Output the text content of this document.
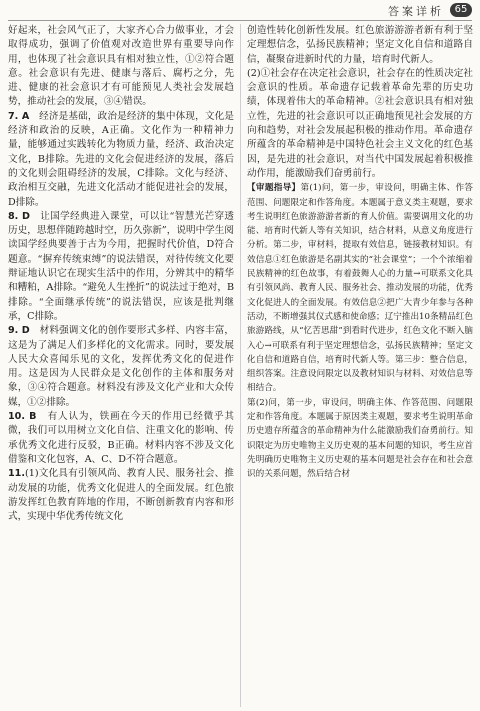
答案详析	65

好起来，社会风气正了，大家齐心合力做事业，才会取得成功，强调了价值观对改造世界有重要导向作用，也体现了社会意识具有相对独立性，①②符合题意。社会意识有先进、健康与落后、腐朽之分，先进、健康的社会意识才有可能预见人类社会发展趋势，推动社会的发展，③④错误。

7. A　经济是基础，政治是经济的集中体现，文化是经济和政治的反映，A正确。文化作为一种精神力量，能够通过实践转化为物质力量，经济、政治决定文化，B排除。先进的文化会促进经济的发展，落后的文化则会阻碍经济的发展，C排除。文化与经济、政治相互交融，先进文化活动才能促进社会的发展，D排除。

8. D　让国学经典进入课堂，可以让“智慧光芒穿透历史，思想伴随跨越时空，历久弥新”，说明中学生阅读国学经典要善于古为今用，把握时代价值，D符合题意。“摒弃传统束缚”的说法错误，对待传统文化要辩证地认识它在现实生活中的作用，分辨其中的精华和糟粕，A排除。“避免人生挫折”的说法过于绝对，B排除。“全面继承传统”的说法错误，应该是批判继承，C排除。

9. D　材料强调文化的创作要形式多样、内容丰富，这是为了满足人们多样化的文化需求。同时，要发展人民大众喜闻乐见的文化，发挥优秀文化的促进作用。这是因为人民群众是文化创作的主体和服务对象，③④符合题意。材料没有涉及文化产业和大众传媒，①②排除。

10. B　有人认为，铁画在今天的作用已经微乎其微，我们可以用树立文化自信、注重文化的影响、传承优秀文化进行反驳，B正确。材料内容不涉及文化借鉴和文化包容，A、C、D不符合题意。

11.(1)文化具有引领风尚、教育人民、服务社会、推动发展的功能，优秀文化促进人的全面发展。红色旅游发挥红色教育阵地的作用，不断创新教育内容和形式，实现中华优秀传统文化

创造性转化创新性发展。红色旅游游游者新有利于坚定理想信念，弘扬民族精神；坚定文化自信和道路自信，凝聚奋进新时代的力量，培育时代新人。

(2)①社会存在决定社会意识，社会存在的性质决定社会意识的性质。革命遗存记载着革命先辈的历史功绩，体现着伟大的革命精神。②社会意识具有相对独立性，先进的社会意识可以正确地预见社会发展的方向和趋势，对社会发展起积极的推动作用。革命遗存所蕴含的革命精神是中国特色社会主义文化的红色基因，是先进的社会意识，对当代中国发展起着积极推动作用，能激励我们奋勇前行。

【审题指导】第(1)问，第一步，审设问，明确主体、作答范围、问题限定和作答角度。本题属于意义类主观题，要求考生说明红色旅游游游者新的育人价值。需要调用文化的功能、培育时代新人等有关知识，结合材料，从意义角度进行分析。第二步，审材料，提取有效信息，链接教材知识。有效信息①红色旅游是名副其实的“社会课堂”；一个个浓缩着民族精神的红色故事，有着鼓舞人心的力量→可联系文化具有引领风尚、教育人民、服务社会、推动发展的功能，优秀文化促进人的全面发展。有效信息②把广大青少年参与各种活动，不断增强其仪式感和使命感；辽宁推出10条精品红色旅游路线，从“忆苦思甜”到看时代进步，红色文化不断入脑入心→可联系有利于坚定理想信念，弘扬民族精神；坚定文化自信和道路自信，培育时代新人等。第三步：整合信息，组织答案。注意设问限定以及教材知识与材料、对效信息等相结合。

第(2)问，第一步，审设问，明确主体、作答范围、问题限定和作答角度。本题属于原因类主观题，要求考生说明革命历史遗存所蕴含的革命精神为什么能激励我们奋勇前行。知识限定为历史唯物主义历史观的基本问题的知识，考生应首先明确历史唯物主义历史观的基本问题是社会存在和社会意识的关系问题，然后结合材
